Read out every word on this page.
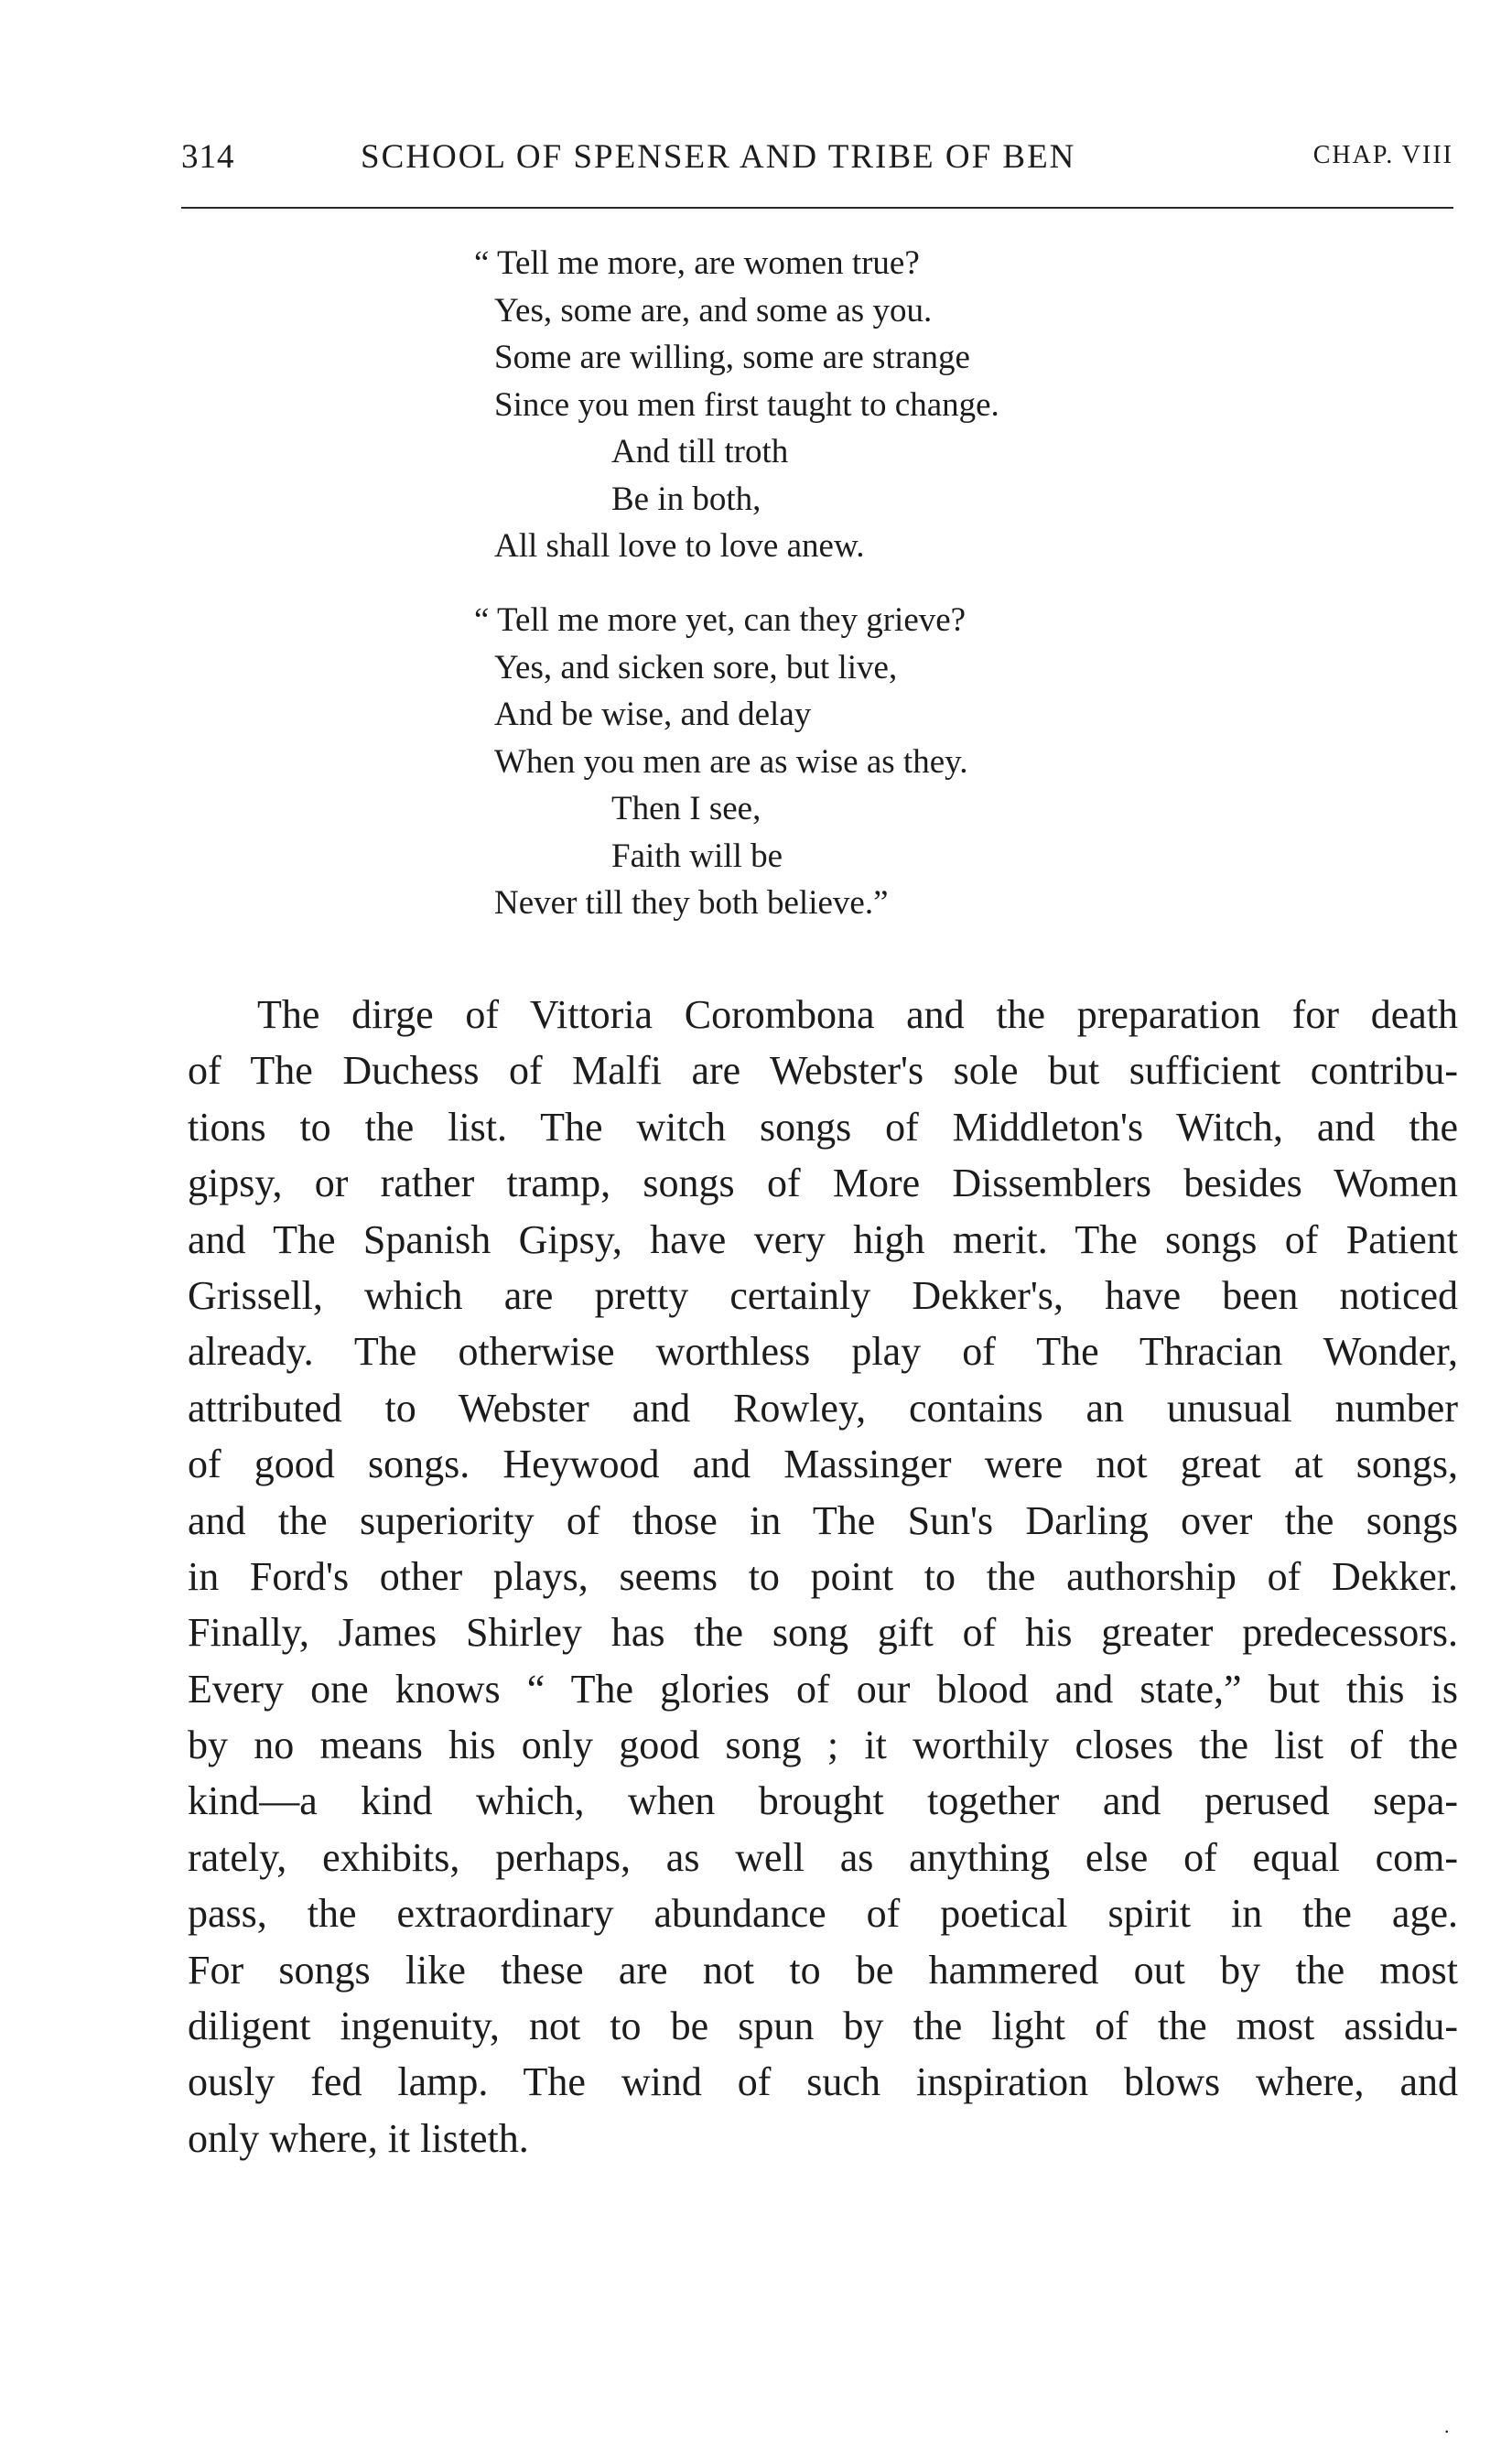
314	SCHOOL OF SPENSER AND TRIBE OF BEN	CHAP. VIII
“ Tell me more, are women true?
Yes, some are, and some as you.
Some are willing, some are strange
Since you men first taught to change.
And till troth
Be in both,
All shall love to love anew.
“ Tell me more yet, can they grieve?
Yes, and sicken sore, but live,
And be wise, and delay
When you men are as wise as they.
Then I see,
Faith will be
Never till they both believe.”
The dirge of Vittoria Corombona and the preparation for death
of The Duchess of Malfi are Webster's sole but sufficient contribu-
tions to the list. The witch songs of Middleton's Witch, and the
gipsy, or rather tramp, songs of More Dissemblers besides Women
and The Spanish Gipsy, have very high merit. The songs of Patient
Grissell, which are pretty certainly Dekker's, have been noticed
already. The otherwise worthless play of The Thracian Wonder,
attributed to Webster and Rowley, contains an unusual number
of good songs. Heywood and Massinger were not great at songs,
and the superiority of those in The Sun's Darling over the songs
in Ford's other plays, seems to point to the authorship of Dekker.
Finally, James Shirley has the song gift of his greater predecessors.
Every one knows “ The glories of our blood and state,” but this is
by no means his only good song ; it worthily closes the list of the
kind—a kind which, when brought together and perused sepa-
rately, exhibits, perhaps, as well as anything else of equal com-
pass, the extraordinary abundance of poetical spirit in the age.
For songs like these are not to be hammered out by the most
diligent ingenuity, not to be spun by the light of the most assidu-
ously fed lamp. The wind of such inspiration blows where, and
only where, it listeth.
.
